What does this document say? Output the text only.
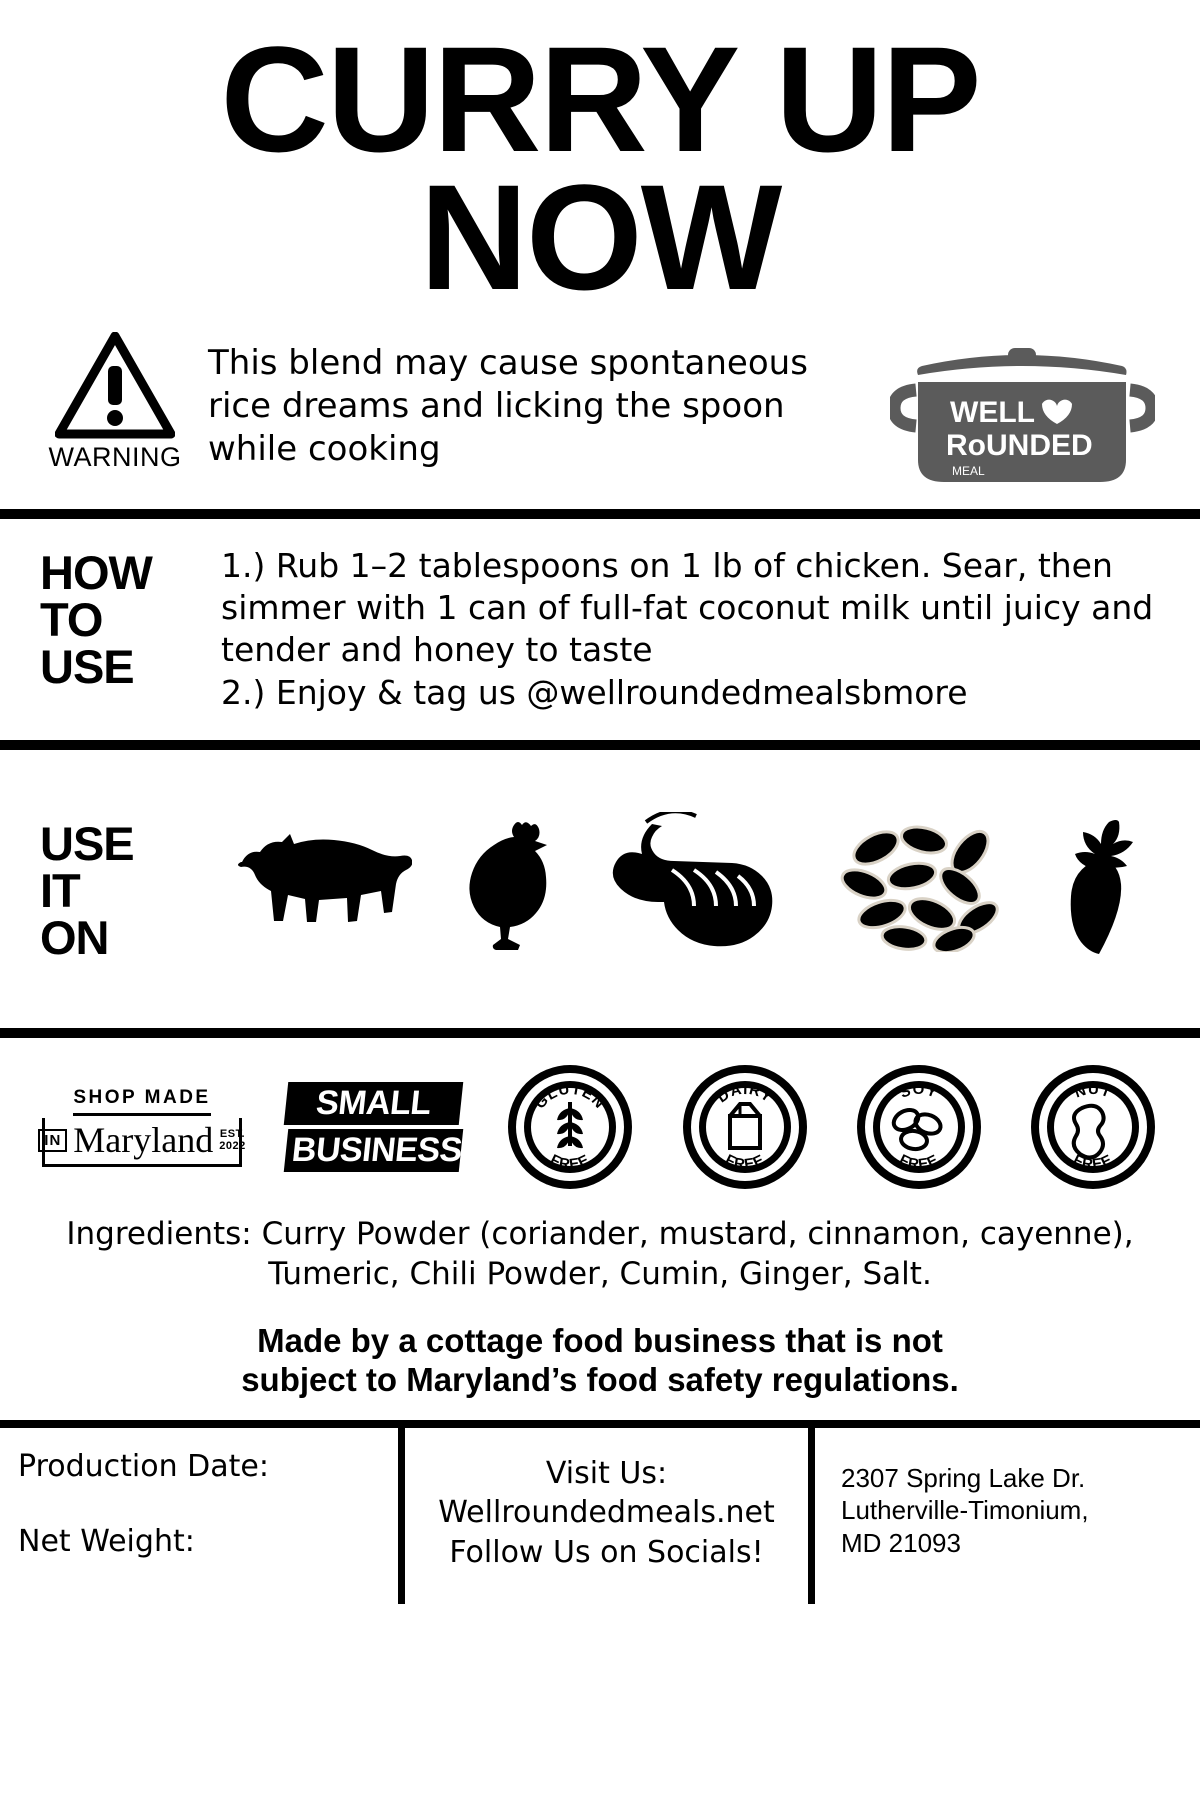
CURRY UP
NOW
WARNING
This blend may cause spontaneous rice dreams and licking the spoon while cooking
WELL
RoUNDED
MEAL
HOW
TO
USE
1.) Rub 1–2 tablespoons on 1 lb of chicken. Sear, then simmer with 1 can of full-fat coconut milk until juicy and tender and honey to taste
2.) Enjoy & tag us @wellroundedmealsbmore
USE
IT
ON
SHOP MADE
IN Maryland EST. 2022
SMALL
BUSINESS
GLUTEN
FREE
DAIRY
FREE
SOY
FREE
NUT
FREE
Ingredients: Curry Powder (coriander, mustard, cinnamon, cayenne),
Tumeric, Chili Powder, Cumin, Ginger, Salt.
Made by a cottage food business that is not
subject to Maryland’s food safety regulations.
Production Date:
Net Weight:
Visit Us:
Wellroundedmeals.net
Follow Us on Socials!
2307 Spring Lake Dr.
Lutherville-Timonium,
MD 21093
